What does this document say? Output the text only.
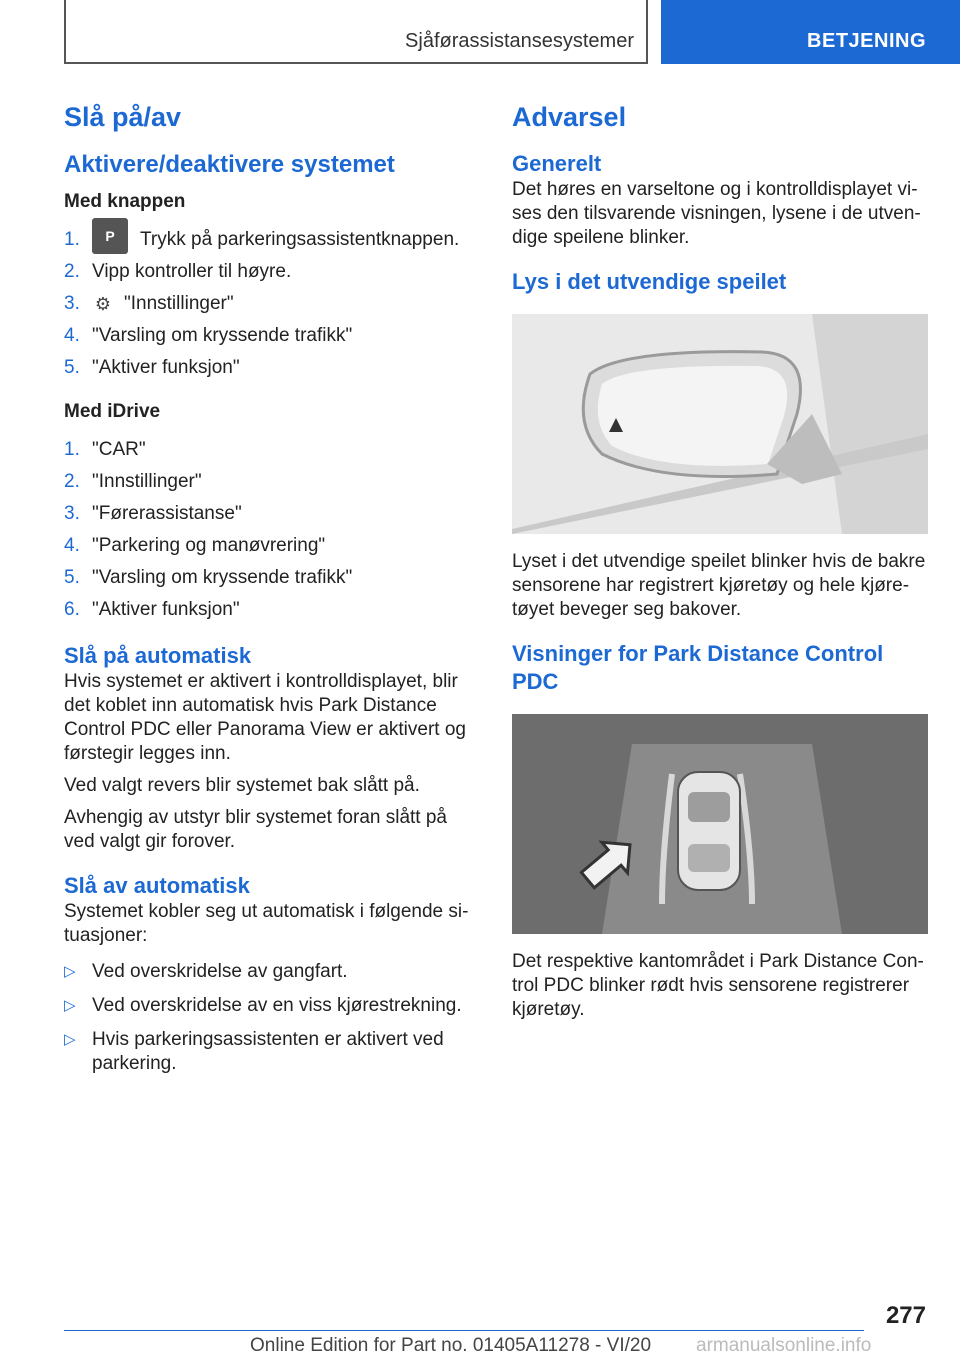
Sjåførassistansesystemer	BETJENING
Slå på/av
Aktivere/deaktivere systemet
Med knappen
1.	P	Trykk på parkeringsassistentknappen.
2. Vipp kontroller til høyre.
3. ⚙ "Innstillinger"
4. "Varsling om kryssende trafikk"
5. "Aktiver funksjon"
Med iDrive
1. "CAR"
2. "Innstillinger"
3. "Førerassistanse"
4. "Parkering og manøvrering"
5. "Varsling om kryssende trafikk"
6. "Aktiver funksjon"
Slå på automatisk

Hvis systemet er aktivert i kontrolldisplayet, blir det koblet inn automatisk hvis Park Distance Control PDC eller Panorama View er aktivert og førstegir legges inn.

Ved valgt revers blir systemet bak slått på.

Avhengig av utstyr blir systemet foran slått på ved valgt gir forover.

Slå av automatisk

Systemet kobler seg ut automatisk i følgende si-tuasjoner:

▷ Ved overskridelse av gangfart.
▷ Ved overskridelse av en viss kjørestrekning.
▷ Hvis parkeringsassistenten er aktivert ved parkering.
Advarsel
Generelt

Det høres en varseltone og i kontrolldisplayet vi-ses den tilsvarende visningen, lysene i de utven-dige speilene blinker.

Lys i det utvendige speilet

Lyset i det utvendige speilet blinker hvis de bakre sensorene har registrert kjøretøy og hele kjøre-tøyet beveger seg bakover.

Visninger for Park Distance Control PDC

Det respektive kantområdet i Park Distance Con-trol PDC blinker rødt hvis sensorene registrerer kjøretøy.

277
Online Edition for Part no. 01405A11278 - VI/20 armanualsonline.info
